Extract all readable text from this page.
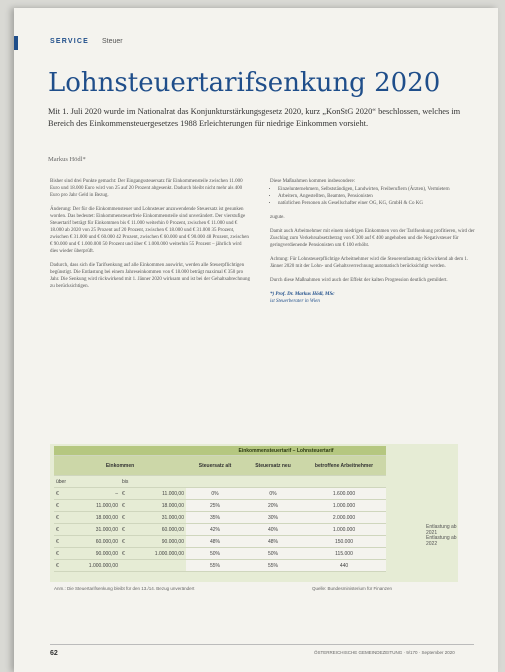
SERVICE Steuer
Lohnsteuertarifsenkung 2020
Mit 1. Juli 2020 wurde im Nationalrat das Konjunkturstärkungsgesetz 2020, kurz „KonStG 2020“ beschlossen, welches im Bereich des Einkommensteuergesetzes 1988 Erleichterungen für niedrige Einkommen vorsieht.
Markus Hödl*

Bisher sind drei Punkte gemacht: Der Eingangssteuersatz für Einkommensteile zwischen 11.000 Euro und 18.000 Euro wird von 25 auf 20 Prozent abgesenkt. Dadurch bleibt nicht mehr als 400 Euro pro Jahr Geld in Bezug.

Änderung: Der für die Einkommensteuer und Lohnsteuer anzuwendende Steuersatz ist gesunken worden. Das bedeutet: Einkommensteuerfreie Einkommensteile sind unverändert. Der vierstufige Steuertarif beträgt für Einkommen bis € 11.000 weiterhin 0 Prozent, zwischen € 11.000 und € 18.000 ab 2020 von 25 Prozent auf 20 Prozent, zwischen € 18.000 und € 31.000 35 Prozent, zwischen € 31.000 und € 60.000 42 Prozent, zwischen € 60.000 und € 90.000 48 Prozent, zwischen € 90.000 und € 1.000.000 50 Prozent und über € 1.000.000 weiterhin 55 Prozent – jährlich wird dies wieder überprüft.

Dadurch, dass sich die Tarifsenkung auf alle Einkommen auswirkt, werden alle Steuerpflichtigen begünstigt. Die Entlastung bei einem Jahreseinkommen von € 18.000 beträgt maximal € 350 pro Jahr. Die Senkung wird rückwirkend mit 1. Jänner 2020 wirksam und ist bei der Gehaltsabrechnung zu berücksichtigen.

Diese Maßnahmen kommen insbesondere:

• Einzelunternehmern, Selbstständigen, Landwirten, Freiberuflern (Ärzten), Vermietern
• Arbeitern, Angestellten, Beamten, Pensionisten
• natürlichen Personen als Gesellschafter einer OG, KG, GmbH & Co KG

zugute.

Damit auch Arbeitnehmer mit einem niedrigen Einkommen von der Tarifsenkung profitieren, wird der Zuschlag zum Verkehrsabsetzbetrag von € 300 auf € 400 angehoben und die Negativsteuer für geringverdienende Pensionisten um € 100 erhöht.

Achtung: Für Lohnsteuerpflichtige Arbeitnehmer wird die Steuerentlastung rückwirkend ab dem 1. Jänner 2020 mit der Lohn- und Gehaltsverrechnung automatisch berücksichtigt werden.

Durch diese Maßnahmen wird auch der Effekt der kalten Progression deutlich gemildert.

*) Prof. Dr. Markus Hödl, MSc

ist Steuerberater in Wien

				Einkommensteuertarif – Lohnsteuertarif		
Einkommen				Steuersatz alt	Steuersatz neu	betroffene Arbeitnehmer
über		bis				
€	–	€	11.000,00	0%	0%	1.600.000
€	11.000,00	€	18.000,00	25%	20%	1.000.000
€	18.000,00	€	31.000,00	35%	30%	2.000.000
€	31.000,00	€	60.000,00	42%	40%	1.000.000
€	60.000,00	€	90.000,00	48%	48%	150.000
€	90.000,00	€	1.000.000,00	50%	50%	115.000
€	1.000.000,00			55%	55%	440
Entlastung ab 2021
Entlastung ab 2022
Anm.: Die Steuertarifsenkung bleibt für den 13./14. Bezug unverändert	Quelle: Bundesministerium für Finanzen
62	ÖSTERREICHISCHE GEMEINDEZEITUNG · 9/170 · September 2020
